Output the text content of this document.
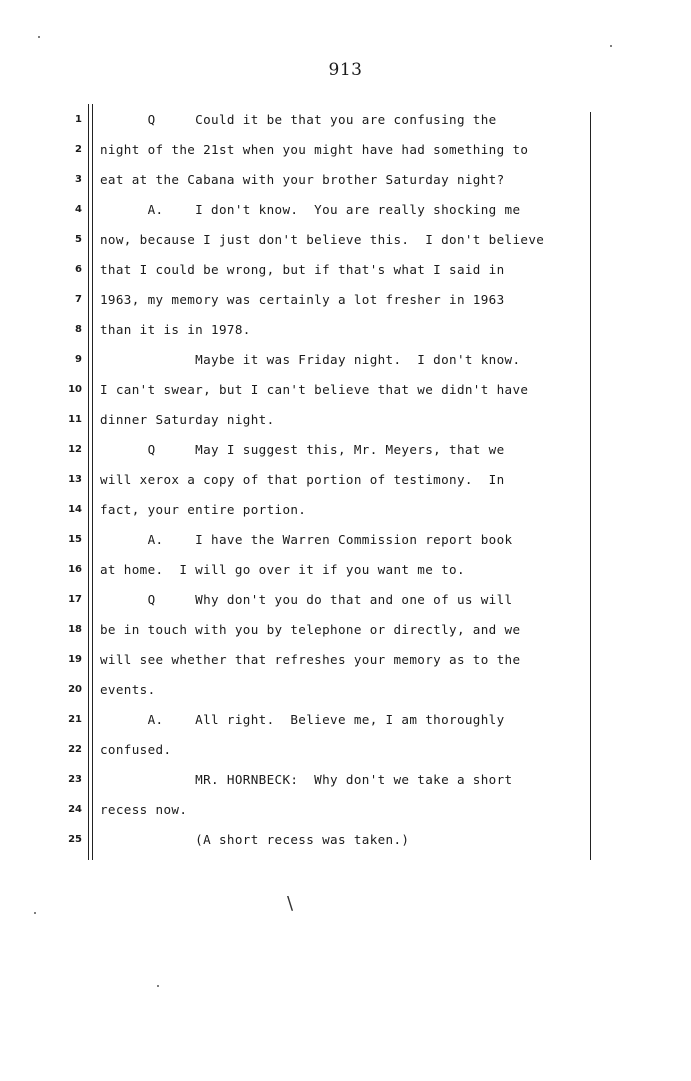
913
1 Q     Could it be that you are confusing the
2 night of the 21st when you might have had something to
3 eat at the Cabana with your brother Saturday night?
4 A.    I don't know.  You are really shocking me
5 now, because I just don't believe this.  I don't believe
6 that I could be wrong, but if that's what I said in
7 1963, my memory was certainly a lot fresher in 1963
8 than it is in 1978.
9 Maybe it was Friday night.  I don't know.
10 I can't swear, but I can't believe that we didn't have
11 dinner Saturday night.
12 Q     May I suggest this, Mr. Meyers, that we
13 will xerox a copy of that portion of testimony.  In
14 fact, your entire portion.
15 A.    I have the Warren Commission report book
16 at home.  I will go over it if you want me to.
17 Q     Why don't you do that and one of us will
18 be in touch with you by telephone or directly, and we
19 will see whether that refreshes your memory as to the
20 events.
21 A.    All right.  Believe me, I am thoroughly
22 confused.
23 MR. HORNBECK:  Why don't we take a short
24 recess now.
25 (A short recess was taken.)
\
